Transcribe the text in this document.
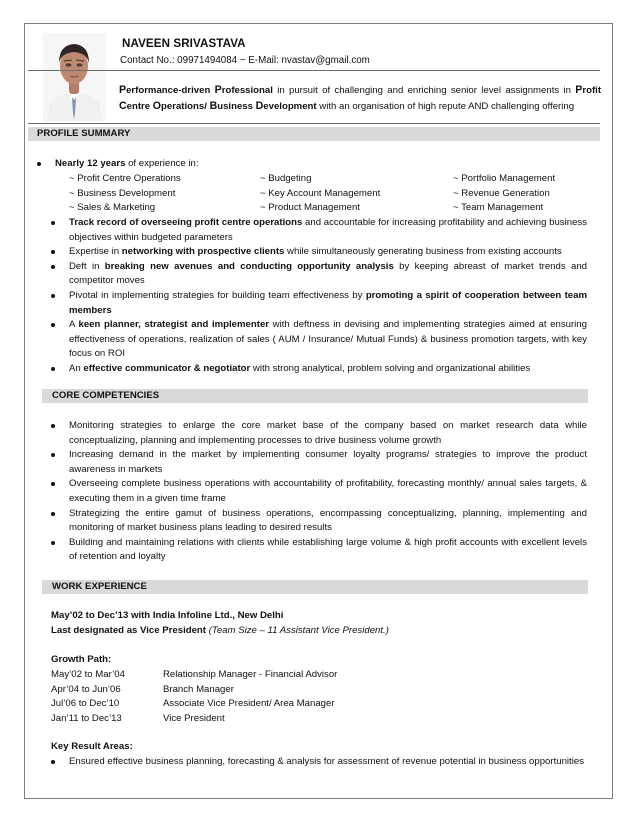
NAVEEN SRIVASTAVA
Contact No.: 09971494084 ~ E-Mail: nvastav@gmail.com
Performance-driven Professional in pursuit of challenging and enriching senior level assignments in Profit
Centre Operations/ Business Development with an organisation of high repute AND challenging offering
PROFILE SUMMARY
Nearly 12 years of experience in:
~ Profit Centre Operations	~ Budgeting	~ Portfolio Management
~ Business Development	~ Key Account Management	~ Revenue Generation
~ Sales & Marketing	~ Product Management	~ Team Management
Track record of overseeing profit centre operations and accountable for increasing profitability and achieving business objectives within budgeted parameters
Expertise in networking with prospective clients while simultaneously generating business from existing accounts
Deft in breaking new avenues and conducting opportunity analysis by keeping abreast of market trends and competitor moves
Pivotal in implementing strategies for building team effectiveness by promoting a spirit of cooperation between team members
A keen planner, strategist and implementer with deftness in devising and implementing strategies aimed at ensuring effectiveness of operations, realization of sales ( AUM / Insurance/ Mutual Funds) & business promotion targets, with key focus on ROI
An effective communicator & negotiator with strong analytical, problem solving and organizational abilities
CORE COMPETENCIES
Monitoring strategies to enlarge the core market base of the company based on market research data while conceptualizing, planning and implementing processes to drive business volume growth
Increasing demand in the market by implementing consumer loyalty programs/ strategies to improve the product awareness in markets
Overseeing complete business operations with accountability of profitability, forecasting monthly/ annual sales targets, & executing them in a given time frame
Strategizing the entire gamut of business operations, encompassing conceptualizing, planning, implementing and monitoring of market business plans leading to desired results
Building and maintaining relations with clients while establishing large volume & high profit accounts with excellent levels of retention and loyalty
WORK EXPERIENCE
May’02 to Dec’13 with India Infoline Ltd., New Delhi
Last designated as Vice President (Team Size – 11 Assistant Vice President.)
Growth Path:
May’02 to Mar’04	Relationship Manager - Financial Advisor
Apr’04 to Jun’06	Branch Manager
Jul’06 to Dec’10	Associate Vice President/ Area Manager
Jan’11 to Dec’13	Vice President
Key Result Areas:
Ensured effective business planning, forecasting & analysis for assessment of revenue potential in business opportunities
